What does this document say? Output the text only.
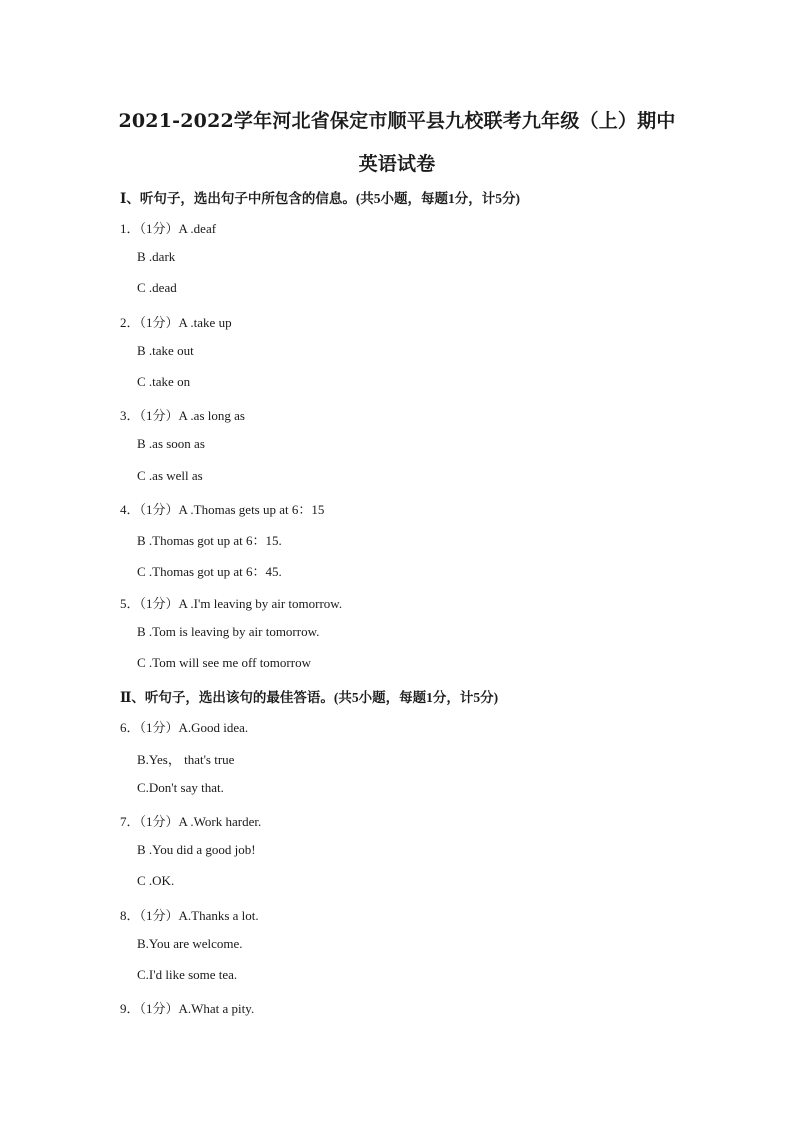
2021-2022学年河北省保定市顺平县九校联考九年级（上）期中
英语试卷
Ⅰ、听句子，选出句子中所包含的信息。(共5小题，每题1分，计5分)
1．（1分）A .deaf
B .dark
C .dead
2．（1分）A .take up
B .take out
C .take on
3．（1分）A .as long as
B .as soon as
C .as well as
4．（1分）A .Thomas gets up at 6：15
B .Thomas got up at 6：15.
C .Thomas got up at 6：45.
5．（1分）A .I'm leaving by air tomorrow.
B .Tom is leaving by air tomorrow.
C .Tom will see me off tomorrow
Ⅱ、听句子，选出该句的最佳答语。(共5小题，每题1分，计5分)
6．（1分）A.Good idea.
B.Yes， that's true
C.Don't say that.
7．（1分）A .Work harder.
B .You did a good job!
C .OK.
8．（1分）A.Thanks a lot.
B.You are welcome.
C.I'd like some tea.
9．（1分）A.What a pity.
